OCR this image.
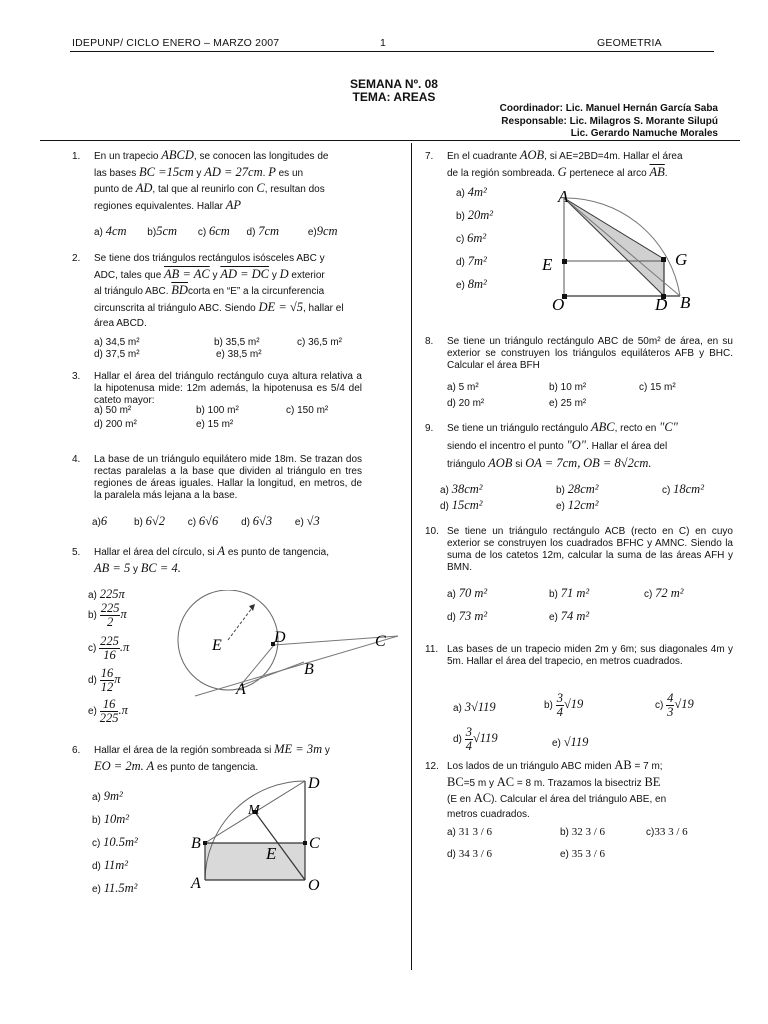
IDEPUNP/ CICLO ENERO – MARZO 2007	1	GEOMETRIA
SEMANA Nº. 08
TEMA: AREAS
Coordinador: Lic. Manuel Hernán García Saba
Responsable: Lic. Milagros S. Morante Silupú
Lic. Gerardo Namuche Morales
1. En un trapecio ABCD, se conocen las longitudes de
las bases BC =15cm y AD = 27cm. P es un
punto de AD, tal que al reunirlo con C, resultan dos
regiones equivalentes. Hallar AP
a) 4cm b)5cm c) 6cm d) 7cm	e)9cm
2. Se tiene dos triángulos rectángulos isósceles ABC y
ADC, tales que AB = AC y AD = DC y D exterior
al triángulo ABC. $\overline{BD}corta$ en “E” a la circunferencia
circunscrita al triángulo ABC. Siendo DE = √5, hallar el
área ABCD.
a) 34,5 m²	b) 35,5 m²	c) 36,5 m²
d) 37,5 m²	e) 38,5 m²
3.	Hallar el área del triángulo rectángulo cuya altura relativa a la hipotenusa mide: 12m además, la hipotenusa es 5/4 del cateto mayor:
a) 50 m²	b) 100 m²	c) 150 m²
d) 200 m²	e) 15 m²
4.	La base de un triángulo equilátero mide 18m. Se trazan dos rectas paralelas a la base que dividen al triángulo en tres regiones de áreas iguales. Hallar la longitud, en metros, de la paralela más lejana a la base.
a)6	b) 6√2 c) 6√6 d) 6√3 e) √3
5. Hallar el área del círculo, si A es punto de tangencia,
AB = 5 y BC = 4.
a) 225π
$b) \frac{225}{2}$ π
$c) \frac{225}{16} .\pi$
$d) \frac{16}{12}$ π
$e) \frac{16}{225} .\pi$
E	D	C
B
A
6. Hallar el área de la región sombreada si ME = 3m y
EO = 2m. A es punto de tangencia.
a) 9m²
b) 10m²
c) 10.5m²
d) 11m²
e) 11.5m²
D
M
B	C
E
A	O
7. En el cuadrante AOB, si AE=2BD=4m. Hallar el área
de la región sombreada. G pertenece al arco $\overline{AB}$.
a) 4m²
b) 20m²
c) 6m²
d) 7m²
e) 8m²
A
E	G
O	D B
8.	Se tiene un triángulo rectángulo ABC de 50m² de área, en su exterior se construyen los triángulos equiláteros AFB y BHC. Calcular el área BFH
a) 5 m²	b) 10 m²	c) 15 m²
d) 20 m²	e) 25 m²
9. Se tiene un triángulo rectángulo ABC, recto en "C"
siendo el incentro el punto "O". Hallar el área del
triángulo AOB si OA = 7cm, OB = 8√2cm.
a) 38cm²	b) 28cm²	c) 18cm²
d) 15cm²	e) 12cm²
10. Se tiene un triángulo rectángulo ACB (recto en C) en cuyo exterior se construyen los cuadrados BFHC y AMNC. Siendo la suma de los catetos 12m, calcular la suma de las áreas AFH y BMN.
a) 70 m²	b) 71 m²	c) 72 m²
d) 73 m²	e) 74 m²
11. Las bases de un trapecio miden 2m y 6m; sus diagonales 4m y 5m. Hallar el área del trapecio, en metros cuadrados.
a) 3√119	$b) \frac{3}{4} √19$	$c) \frac{4}{3} √19$
$d) \frac{3}{4} √119$	e) √119
12. Los lados de un triángulo ABC miden AB = 7 m;
BC=5 m y AC = 8 m. Trazamos la bisectriz BE
(E en AC). Calcular el área del triángulo ABE, en
metros cuadrados.
a) 31 3 / 6	b) 32 3 / 6	c)33 3 / 6
d) 34 3 / 6	e) 35 3 / 6
